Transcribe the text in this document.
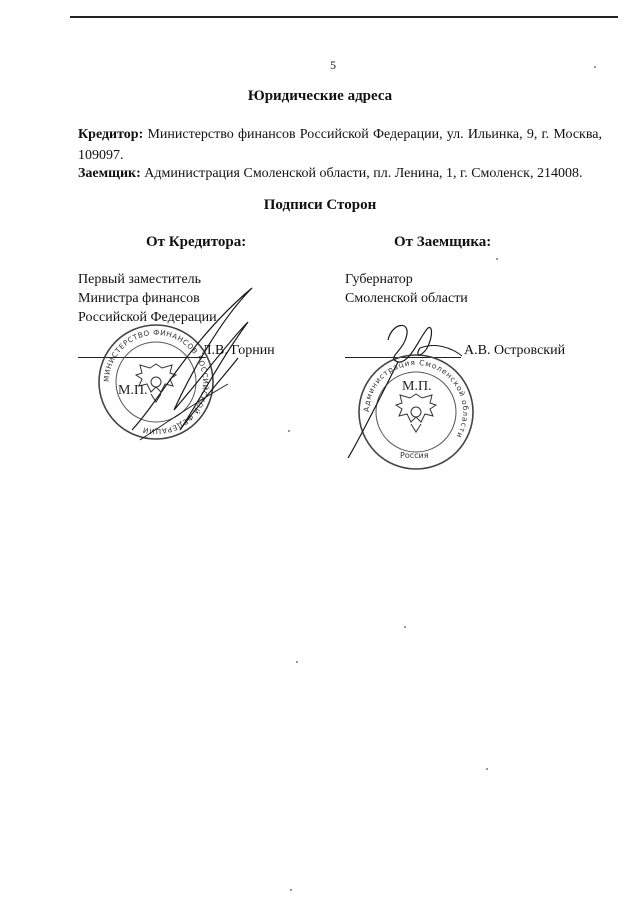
5
Юридические адреса
Кредитор: Министерство финансов Российской Федерации, ул. Ильинка, 9, г. Москва, 109097.
Заемщик: Администрация Смоленской области, пл. Ленина, 1, г. Смоленск, 214008.
Подписи Сторон
От Кредитора:	От Заемщика:
Первый заместитель
Министра финансов
Российской Федерации
Л.В. Горнин
Губернатор
Смоленской области
А.В. Островский
МИНИСТЕРСТВО ФИНАНСОВ РОССИЙСКОЙ ФЕДЕРАЦИИ
М.П.
Администрация Смоленской области
Россия
М.П.
